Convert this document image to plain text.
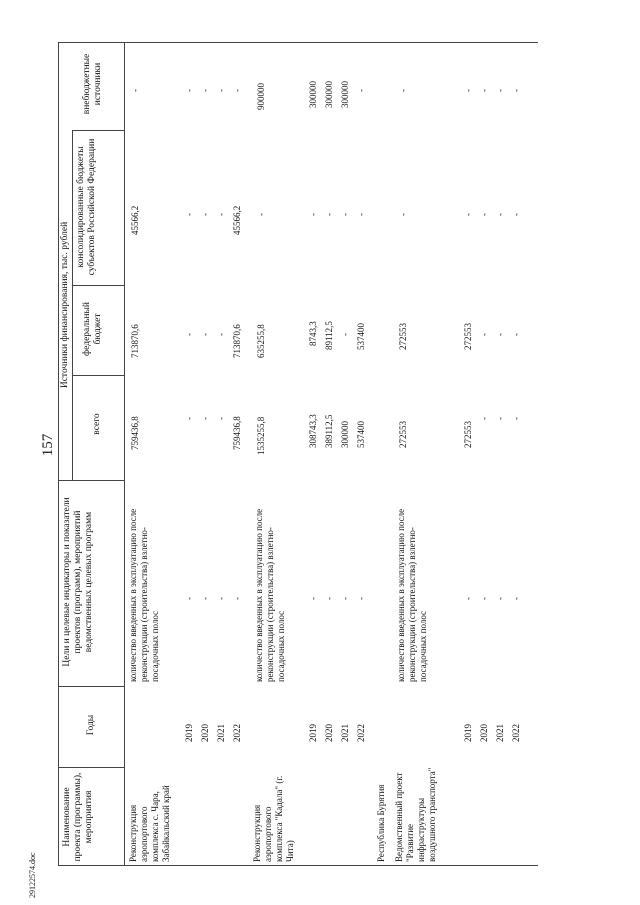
157
29122574.doc
Наименование проекта (программы), мероприятия
Годы
Цели и целевые индикаторы и показатели проектов (программ), мероприятий ведомственных целевых программ
Источники финансирования, тыс. рублей
всего
федеральный бюджет
консолидированные бюджеты субъектов Российской Федерации
внебюджетные источники
Реконструкция аэропортового комплекса с. Чара, Забайкальский край
количество введенных в эксплуатацию после реконструкции (строительства) взлетно-посадочных полос
759436,8
713870,6
45566,2
-
2019
-
-
-
-
-
2020
-
-
-
-
-
2021
-
-
-
-
-
2022
-
759436,8
713870,6
45566,2
-
Реконструкция аэропортового комплекса "Кадала" (г. Чита)
количество введенных в эксплуатацию после реконструкции (строительства) взлетно-посадочных полос
1535255,8
635255,8
-
900000
2019
-
308743,3
8743,3
-
300000
2020
-
389112,5
89112,5
-
300000
2021
-
300000
-
-
300000
2022
-
537400
537400
-
-
Республика Бурятия Ведомственный проект "Развитие инфраструктуры воздушного транспорта"
количество введенных в эксплуатацию после реконструкции (строительства) взлетно-посадочных полос
272553
272553
-
-
2019
-
272553
272553
-
-
2020
-
-
-
-
-
2021
-
-
-
-
-
2022
-
-
-
-
-
